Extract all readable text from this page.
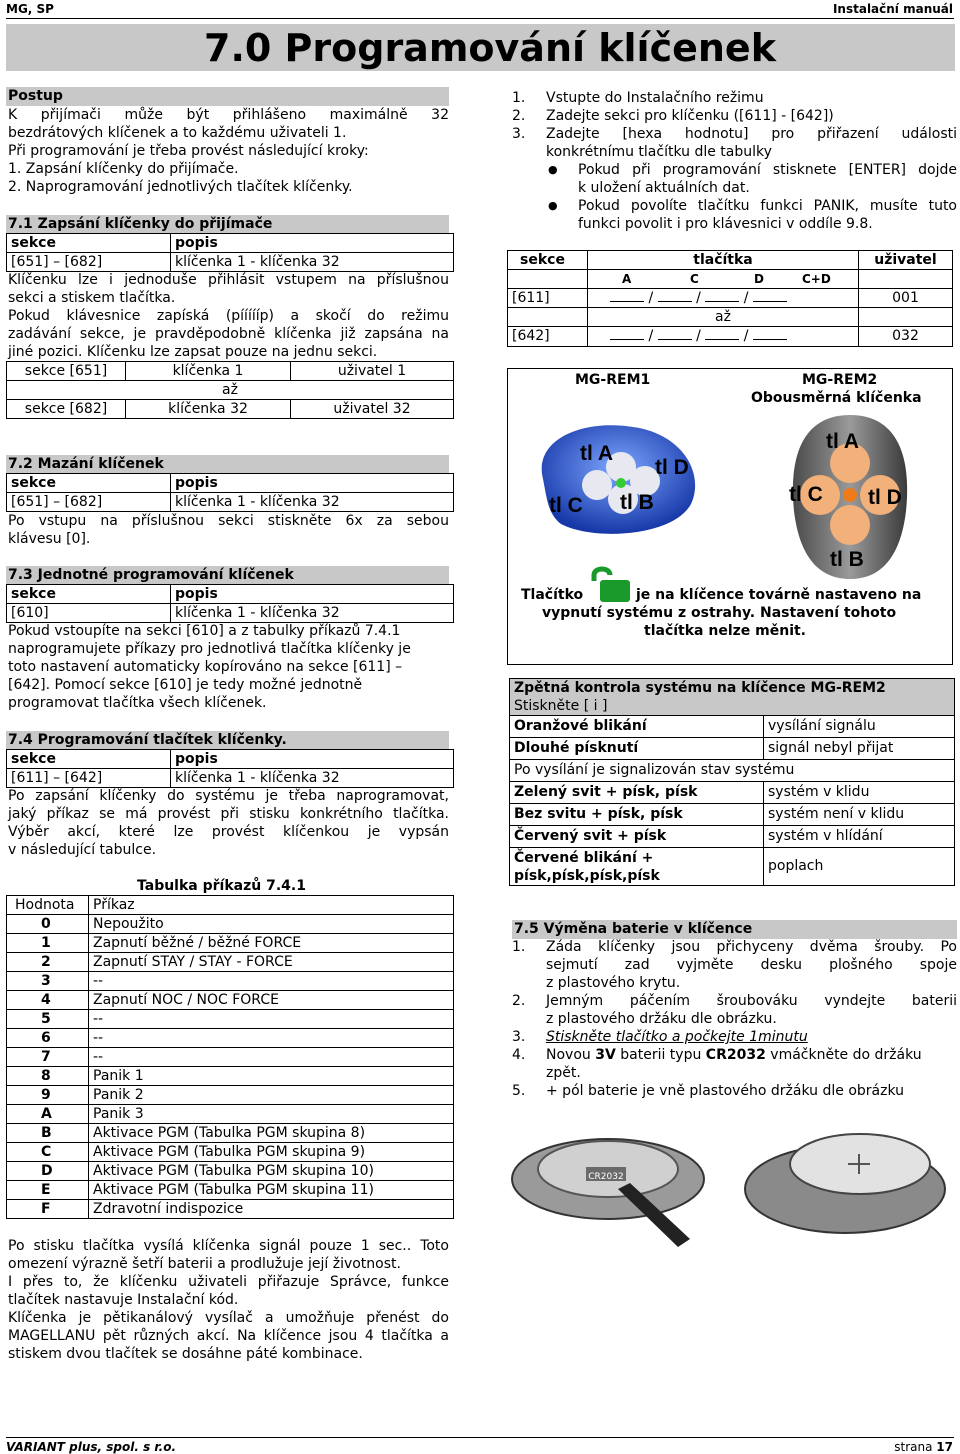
MG, SP	Instalační manuál
7.0 Programování klíčenek
Postup
K přijímači může být přihlášeno maximálně 32
bezdrátových klíčenek a to každému uživateli 1.
Při programování je třeba provést následující kroky:
1. Zapsání klíčenky do přijímače.
2. Naprogramování jednotlivých tlačítek klíčenky.
7.1 Zapsání klíčenky do přijímače
sekce	popis
[651] – [682]	klíčenka 1 - klíčenka 32
Klíčenku lze i jednoduše přihlásit vstupem na příslušnou
sekci a stiskem tlačítka.
Pokud klávesnice zapíská (píííííp) a skočí do režimu
zadávání sekce, je pravděpodobně klíčenka již zapsána na
jiné pozici. Klíčenku lze zapsat pouze na jednu sekci.
sekce [651]	klíčenka 1	uživatel 1
až		
sekce [682]	klíčenka 32	uživatel 32
7.2 Mazání klíčenek
sekce	popis
[651] – [682]	klíčenka 1 - klíčenka 32
Po vstupu na příslušnou sekci stiskněte 6x za sebou
klávesu [0].
7.3 Jednotné programování klíčenek
sekce	popis
[610]	klíčenka 1 - klíčenka 32
Pokud vstoupíte na sekci [610] a z tabulky příkazů 7.4.1
naprogramujete příkazy pro jednotlivá tlačítka klíčenky je
toto nastavení automaticky kopírováno na sekce [611] –
[642]. Pomocí sekce [610] je tedy možné jednotně
programovat tlačítka všech klíčenek.
7.4 Programování tlačítek klíčenky.
sekce	popis
[611] – [642]	klíčenka 1 - klíčenka 32
Po zapsání klíčenky do systému je třeba naprogramovat,
jaký příkaz se má provést při stisku konkrétního tlačítka.
Výběr akcí, které lze provést klíčenkou je vypsán
v následující tabulce.
Tabulka příkazů 7.4.1
Hodnota	Příkaz
0	Nepoužito
1	Zapnutí běžné / běžné FORCE
2	Zapnutí STAY / STAY - FORCE
3	--
4	Zapnutí NOC / NOC FORCE
5	--
6	--
7	--
8	Panik 1
9	Panik 2
A	Panik 3
B	Aktivace PGM (Tabulka PGM skupina 8)
C	Aktivace PGM (Tabulka PGM skupina 9)
D	Aktivace PGM (Tabulka PGM skupina 10)
E	Aktivace PGM (Tabulka PGM skupina 11)
F	Zdravotní indispozice
Po stisku tlačítka vysílá klíčenka signál pouze 1 sec.. Toto
omezení výrazně šetří baterii a prodlužuje její životnost.
I přes to, že klíčenku uživateli přiřazuje Správce, funkce
tlačítek nastavuje Instalační kód.
Klíčenka je pětikanálový vysílač a umožňuje přenést do
MAGELLANU pět různých akcí. Na klíčence jsou 4 tlačítka a
stiskem dvou tlačítek se dosáhne páté kombinace.
1. Vstupte do Instalačního režimu
2. Zadejte sekci pro klíčenku ([611] - [642])
3. Zadejte [hexa hodnotu] pro přiřazení události
konkrétnímu tlačítku dle tabulky
● Pokud při programování stisknete [ENTER] dojde
k uložení aktuálních dat.
● Pokud povolíte tlačítku funkci PANIK, musíte tuto
funkci povolit i pro klávesnici v oddíle 9.8.
sekce	tlačítka	uživatel
	A C D C+D	
[611]	/ / /	001
	až	
[642]	/ / /	032
MG-REM1	MG-REM2
Obousměrná klíčenka
tl A
tl D
tl C tl B
tl A
tl C tl D
tl B
Tlačítko	je na klíčence továrně nastaveno na
vypnutí systému z ostrahy. Nastavení tohoto
tlačítka nelze měnit.
Zpětná kontrola systému na klíčence MG-REM2
Stiskněte [ i ]	

Oranžové blikání	vysílání signálu
Dlouhé písknutí	signál nebyl přijat
Po vysílání je signalizován stav systému	
Zelený svit + písk, písk	systém v klidu
Bez svitu + písk, písk	systém není v klidu
Červený svit + písk	systém v hlídání

Červené blikání +
písk,písk,písk,písk	poplach
7.5 Výměna baterie v klíčence
1. Záda klíčenky jsou přichyceny dvěma šrouby. Po
sejmutí zad vyjměte desku plošného spoje
z plastového krytu.
2. Jemným páčením šroubováku vyndejte baterii
z plastového držáku dle obrázku.
3. Stiskněte tlačítko a počkejte 1minutu
4. Novou 3V baterii typu CR2032 vmáčkněte do držáku
zpět.
5. + pól baterie je vně plastového držáku dle obrázku
CR2032
VARIANT plus, spol. s r.o.	strana 17
